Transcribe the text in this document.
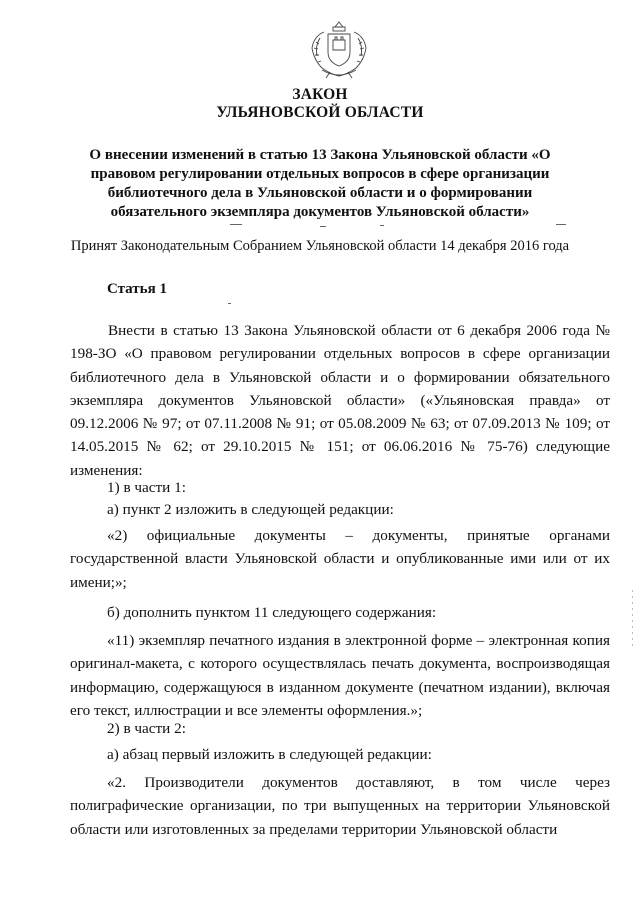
ЗАКОН
УЛЬЯНОВСКОЙ ОБЛАСТИ
О внесении изменений в статью 13 Закона Ульяновской области «О правовом регулировании отдельных вопросов в сфере организации библиотечного дела в Ульяновской области и о формировании обязательного экземпляра документов Ульяновской области»
Принят Законодательным Собранием Ульяновской области 14 декабря 2016 года
Статья 1
Внести в статью 13 Закона Ульяновской области от 6 декабря 2006 года № 198-ЗО «О правовом регулировании отдельных вопросов в сфере организации библиотечного дела в Ульяновской области и о формировании обязательного экземпляра документов Ульяновской области» («Ульяновская правда» от 09.12.2006 № 97; от 07.11.2008 № 91; от 05.08.2009 № 63; от 07.09.2013 № 109; от 14.05.2015 № 62; от 29.10.2015 № 151; от 06.06.2016 № 75-76) следующие изменения:
1) в части 1:
а) пункт 2 изложить в следующей редакции:
«2) официальные документы – документы, принятые органами государственной власти Ульяновской области и опубликованные ими или от их имени;»;
б) дополнить пунктом 11 следующего содержания:
«11) экземпляр печатного издания в электронной форме – электронная копия оригинал-макета, с которого осуществлялась печать документа, воспроизводящая информацию, содержащуюся в изданном документе (печатном издании), включая его текст, иллюстрации и все элементы оформления.»;
2) в части 2:
а) абзац первый изложить в следующей редакции:
«2. Производители документов доставляют, в том числе через полиграфические организации, по три выпущенных на территории Ульяновской области или изготовленных за пределами территории Ульяновской области
